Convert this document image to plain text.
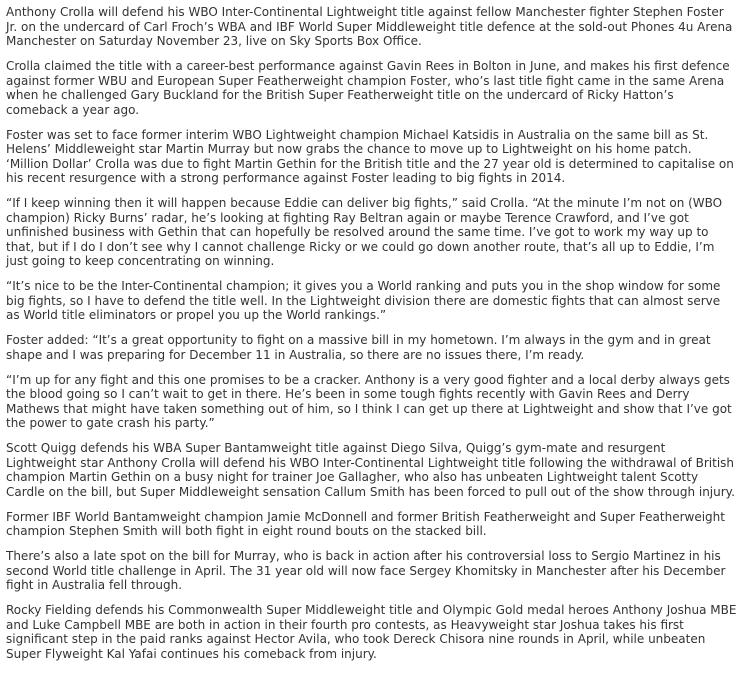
Anthony Crolla will defend his WBO Inter-Continental Lightweight title against fellow Manchester fighter Stephen Foster Jr. on the undercard of Carl Froch’s WBA and IBF World Super Middleweight title defence at the sold-out Phones 4u Arena Manchester on Saturday November 23, live on Sky Sports Box Office.

Crolla claimed the title with a career-best performance against Gavin Rees in Bolton in June, and makes his first defence against former WBU and European Super Featherweight champion Foster, who’s last title fight came in the same Arena when he challenged Gary Buckland for the British Super Featherweight title on the undercard of Ricky Hatton’s comeback a year ago.

Foster was set to face former interim WBO Lightweight champion Michael Katsidis in Australia on the same bill as St. Helens’ Middleweight star Martin Murray but now grabs the chance to move up to Lightweight on his home patch. ‘Million Dollar’ Crolla was due to fight Martin Gethin for the British title and the 27 year old is determined to capitalise on his recent resurgence with a strong performance against Foster leading to big fights in 2014.

“If I keep winning then it will happen because Eddie can deliver big fights,” said Crolla. “At the minute I’m not on (WBO champion) Ricky Burns’ radar, he’s looking at fighting Ray Beltran again or maybe Terence Crawford, and I’ve got unfinished business with Gethin that can hopefully be resolved around the same time. I’ve got to work my way up to that, but if I do I don’t see why I cannot challenge Ricky or we could go down another route, that’s all up to Eddie, I’m just going to keep concentrating on winning.

“It’s nice to be the Inter-Continental champion; it gives you a World ranking and puts you in the shop window for some big fights, so I have to defend the title well. In the Lightweight division there are domestic fights that can almost serve as World title eliminators or propel you up the World rankings.”

Foster added: “It’s a great opportunity to fight on a massive bill in my hometown. I’m always in the gym and in great shape and I was preparing for December 11 in Australia, so there are no issues there, I’m ready.

“I’m up for any fight and this one promises to be a cracker. Anthony is a very good fighter and a local derby always gets the blood going so I can’t wait to get in there. He’s been in some tough fights recently with Gavin Rees and Derry Mathews that might have taken something out of him, so I think I can get up there at Lightweight and show that I’ve got the power to gate crash his party.”

Scott Quigg defends his WBA Super Bantamweight title against Diego Silva, Quigg’s gym-mate and resurgent Lightweight star Anthony Crolla will defend his WBO Inter-Continental Lightweight title following the withdrawal of British champion Martin Gethin on a busy night for trainer Joe Gallagher, who also has unbeaten Lightweight talent Scotty Cardle on the bill, but Super Middleweight sensation Callum Smith has been forced to pull out of the show through injury.

Former IBF World Bantamweight champion Jamie McDonnell and former British Featherweight and Super Featherweight champion Stephen Smith will both fight in eight round bouts on the stacked bill.

There’s also a late spot on the bill for Murray, who is back in action after his controversial loss to Sergio Martinez in his second World title challenge in April. The 31 year old will now face Sergey Khomitsky in Manchester after his December fight in Australia fell through.

Rocky Fielding defends his Commonwealth Super Middleweight title and Olympic Gold medal heroes Anthony Joshua MBE and Luke Campbell MBE are both in action in their fourth pro contests, as Heavyweight star Joshua takes his first significant step in the paid ranks against Hector Avila, who took Dereck Chisora nine rounds in April, while unbeaten Super Flyweight Kal Yafai continues his comeback from injury.
